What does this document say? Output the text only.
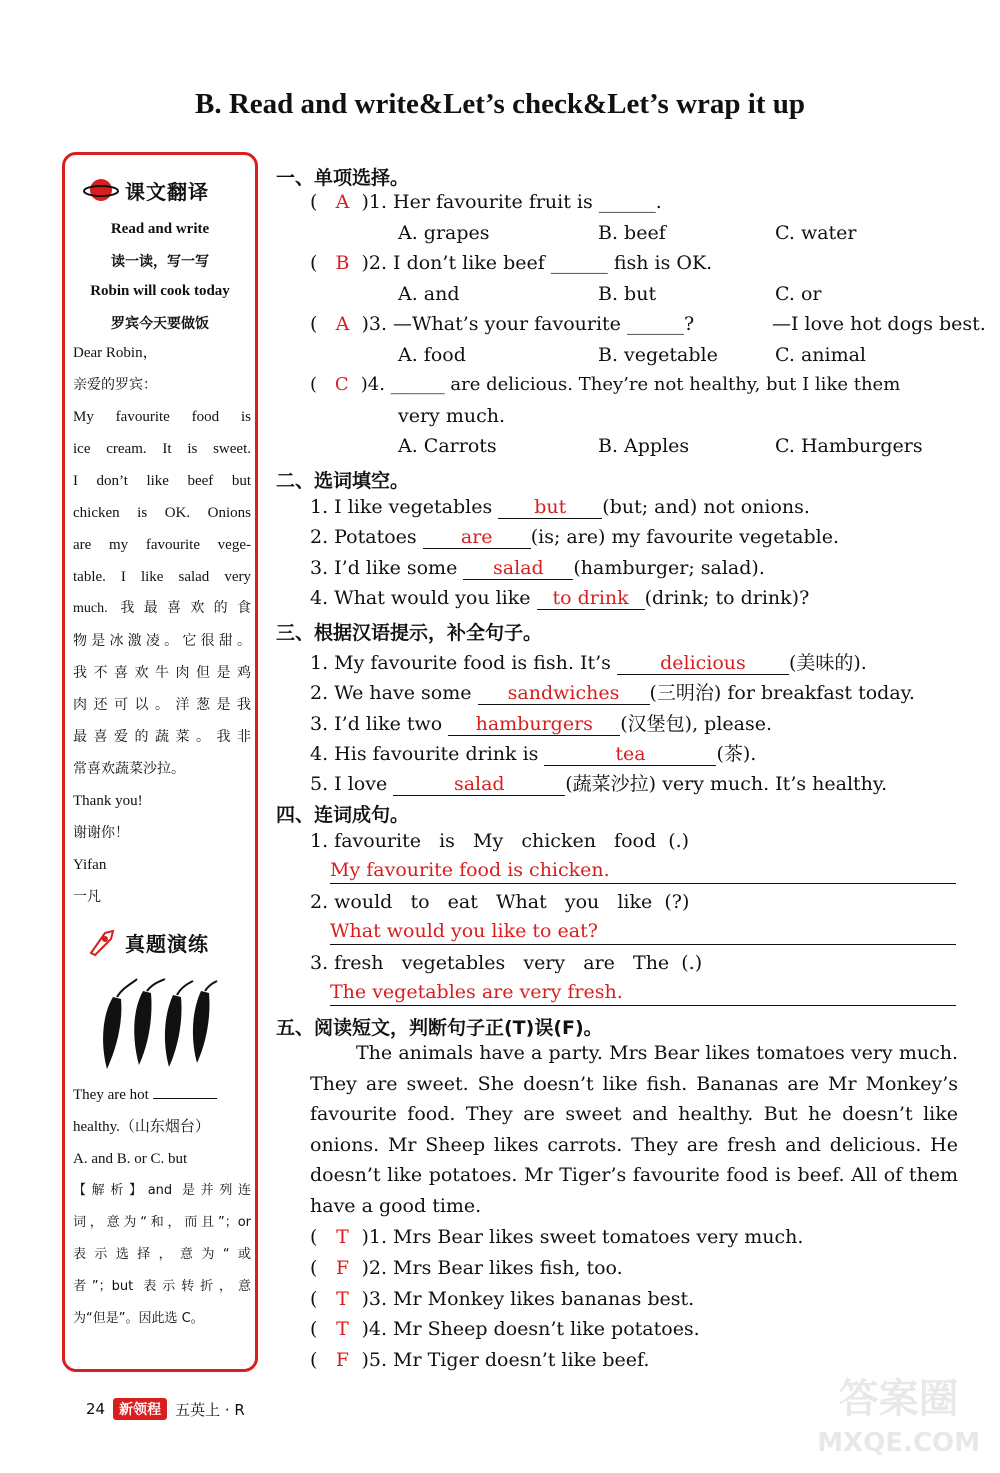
B. Read and write&Let’s check&Let’s wrap it up
课文翻译
Read and write
读一读，写一写
Robin will cook today
罗宾今天要做饭
Dear Robin，
亲爱的罗宾：
My favourite food is
ice cream. It is sweet.
I don’t like beef but
chicken is OK. Onions
are my favourite vege-
table. I like salad very
much. 我最喜欢的食
物是冰激凌。它很甜。
我不喜欢牛肉但是鸡
肉还可以。洋葱是我
最喜爱的蔬菜。我非
常喜欢蔬菜沙拉。
Thank you!
谢谢你！
Yifan
一凡
真题演练
They are hot
healthy.（山东烟台）
A. and B. or C. but
【解析】and 是并列连
词，意为“和，而且”；or
表示选择，意为“或
者”；but 表示转折，意
为“但是”。因此选 C。
一、单项选择。
( A )1. Her favourite fruit is ______.
A. grapes	B. beef	C. water
( B )2. I don’t like beef ______ fish is OK.
A. and	B. but	C. or
( A )3. —What’s your favourite ______?	—I love hot dogs best.
A. food	B. vegetable	C. animal
( C )4. ______ are delicious. They’re not healthy, but I like them
very much.
A. Carrots	B. Apples	C. Hamburgers
二、选词填空。
1. I like vegetables but (but; and) not onions.
2. Potatoes are (is; are) my favourite vegetable.
3. I’d like some salad (hamburger; salad).
4. What would you like to drink (drink; to drink)?
三、根据汉语提示，补全句子。
1. My favourite food is fish. It’s	delicious (美味的).
2. We have some sandwiches (三明治) for breakfast today.
3. I’d like two hamburgers (汉堡包), please.
4. His favourite drink is	tea	(茶).
5. I love	salad	(蔬菜沙拉) very much. It’s healthy.
四、连词成句。
1. favourite   is   My   chicken   food  (.)
My favourite food is chicken.
2. would   to   eat   What   you   like  (?)
What would you like to eat?
3. fresh   vegetables   very   are   The  (.)
The vegetables are very fresh.
五、阅读短文，判断句子正(T)误(F)。
The animals have a party. Mrs Bear likes tomatoes very much. They are sweet. She doesn’t like fish. Bananas are Mr Monkey’s favourite food. They are sweet and healthy. But he doesn’t like onions. Mr Sheep likes carrots. They are fresh and delicious. He doesn’t like potatoes. Mr Tiger’s favourite food is beef. All of them have a good time.
( T )1. Mrs Bear likes sweet tomatoes very much.
( F )2. Mrs Bear likes fish, too.
( T )3. Mr Monkey likes bananas best.
( T )4. Mr Sheep doesn’t like potatoes.
( F )5. Mr Tiger doesn’t like beef.
24	新领程 五英上 · R	答案圈
MXQE.COM
